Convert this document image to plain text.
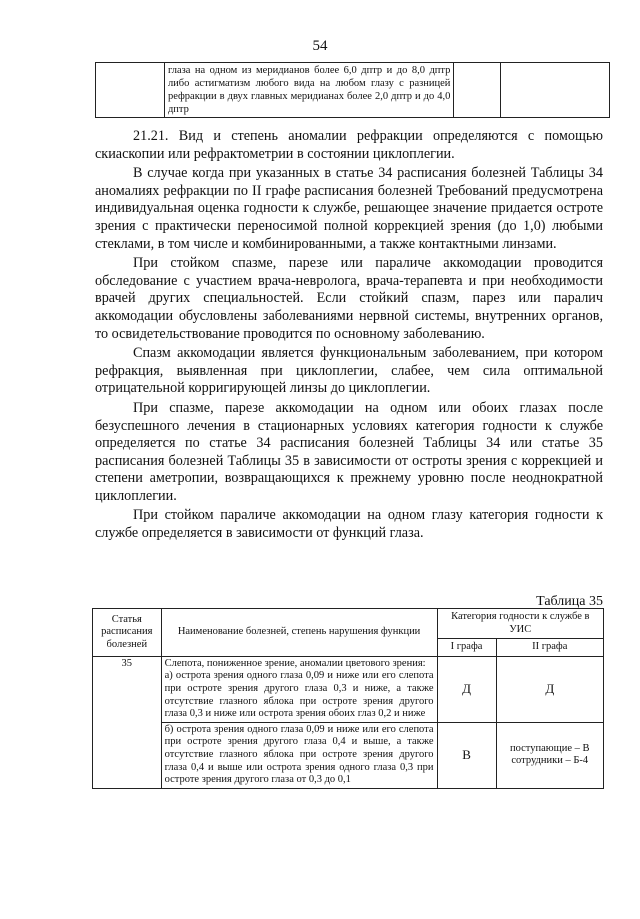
54
	глаза на одном из меридианов более 6,0 дптр и до 8,0 дптр либо астигматизм любого вида на любом глазу с разницей рефракции в двух главных меридианах более 2,0 дптр и до 4,0 дптр		

21.21. Вид и степень аномалии рефракции определяются с помощью скиаскопии или рефрактометрии в состоянии циклоплегии.

В случае когда при указанных в статье 34 расписания болезней Таблицы 34 аномалиях рефракции по II графе расписания болезней Требований предусмотрена индивидуальная оценка годности к службе, решающее значение придается остроте зрения с практически переносимой полной коррекцией зрения (до 1,0) любыми стеклами, в том числе и комбинированными, а также контактными линзами.

При стойком спазме, парезе или параличе аккомодации проводится обследование с участием врача-невролога, врача-терапевта и при необходимости врачей других специальностей. Если стойкий спазм, парез или паралич аккомодации обусловлены заболеваниями нервной системы, внутренних органов, то освидетельствование проводится по основному заболеванию.

Спазм аккомодации является функциональным заболеванием, при котором рефракция, выявленная при циклоплегии, слабее, чем сила оптимальной отрицательной корригирующей линзы до циклоплегии.

При спазме, парезе аккомодации на одном или обоих глазах после безуспешного лечения в стационарных условиях категория годности к службе определяется по статье 34 расписания болезней Таблицы 34 или статье 35 расписания болезней Таблицы 35 в зависимости от остроты зрения с коррекцией и степени аметропии, возвращающихся к прежнему уровню после неоднократной циклоплегии.

При стойком параличе аккомодации на одном глазу категория годности к службе определяется в зависимости от функций глаза.

Таблица 35
Статья расписания болезней	Наименование болезней, степень нарушения функции	Категория годности к службе в УИС	
		I графа	II графа
35	Слепота, пониженное зрение, аномалии цветового зрения:
а) острота зрения одного глаза 0,09 и ниже или его слепота при остроте зрения другого глаза 0,3 и ниже, а также отсутствие глазного яблока при остроте зрения другого глаза 0,3 и ниже или острота зрения обоих глаз 0,2 и ниже	Д	Д
	б) острота зрения одного глаза 0,09 и ниже или его слепота при остроте зрения другого глаза 0,4 и выше, а также отсутствие глазного яблока при остроте зрения другого глаза 0,4 и выше или острота зрения одного глаза 0,3 при остроте зрения другого глаза от 0,3 до 0,1	В	поступающие – В
сотрудники – Б-4
